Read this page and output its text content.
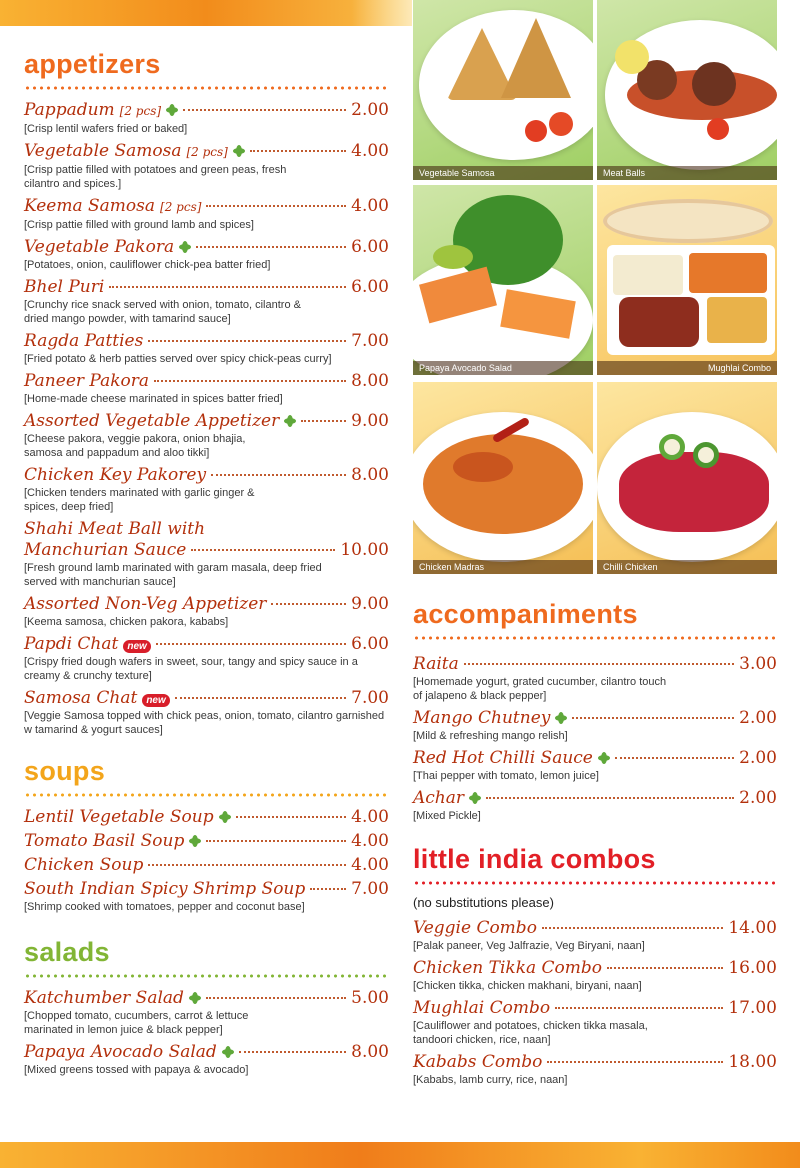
appetizers
Pappadum [2 pcs]	2.00
[Crisp lentil wafers fried or baked]
Vegetable Samosa [2 pcs]	4.00
[Crisp pattie filled with potatoes and green peas, fresh cilantro and spices.]
Keema Samosa [2 pcs]	4.00
[Crisp pattie filled with ground lamb and spices]
Vegetable Pakora	6.00
[Potatoes, onion, cauliflower chick-pea batter fried]
Bhel Puri	6.00
[Crunchy rice snack served with onion, tomato, cilantro & dried mango powder, with tamarind sauce]
Ragda Patties	7.00
[Fried potato & herb patties served over spicy chick-peas curry]
Paneer Pakora	8.00
[Home-made cheese marinated in spices batter fried]
Assorted Vegetable Appetizer	9.00
[Cheese pakora, veggie pakora, onion bhajia, samosa and pappadum and aloo tikki]
Chicken Key Pakorey	8.00
[Chicken tenders marinated with garlic ginger & spices, deep fried]
Shahi Meat Ball with
Manchurian Sauce	10.00
[Fresh ground lamb marinated with garam masala, deep fried served with manchurian sauce]
Assorted Non-Veg Appetizer	9.00
[Keema samosa, chicken pakora, kababs]
Papdi Chat new	6.00
[Crispy fried dough wafers in sweet, sour, tangy and spicy sauce in a creamy & crunchy texture]
Samosa Chat new	7.00
[Veggie Samosa topped with chick peas, onion, tomato, cilantro garnished w tamarind & yogurt sauces]
soups
Lentil Vegetable Soup	4.00
Tomato Basil Soup	4.00
Chicken Soup	4.00
South Indian Spicy Shrimp Soup	7.00
[Shrimp cooked with tomatoes, pepper and coconut base]
salads
Katchumber Salad	5.00
[Chopped tomato, cucumbers, carrot & lettuce marinated in lemon juice & black pepper]
Papaya Avocado Salad	8.00
[Mixed greens tossed with papaya & avocado]
Vegetable Samosa	Meat Balls
Papaya Avocado Salad	Mughlai Combo
Chicken Madras	Chilli Chicken
accompaniments
Raita	3.00
[Homemade yogurt, grated cucumber, cilantro touch of jalapeno & black pepper]
Mango Chutney	2.00
[Mild & refreshing mango relish]
Red Hot Chilli Sauce	2.00
[Thai pepper with tomato, lemon juice]
Achar	2.00
[Mixed Pickle]
little india combos
(no substitutions please)
Veggie Combo	14.00
[Palak paneer, Veg Jalfrazie, Veg Biryani, naan]
Chicken Tikka Combo	16.00
[Chicken tikka, chicken makhani, biryani, naan]
Mughlai Combo	17.00
[Cauliflower and potatoes, chicken tikka masala, tandoori chicken, rice, naan]
Kababs Combo	18.00
[Kababs, lamb curry, rice, naan]
